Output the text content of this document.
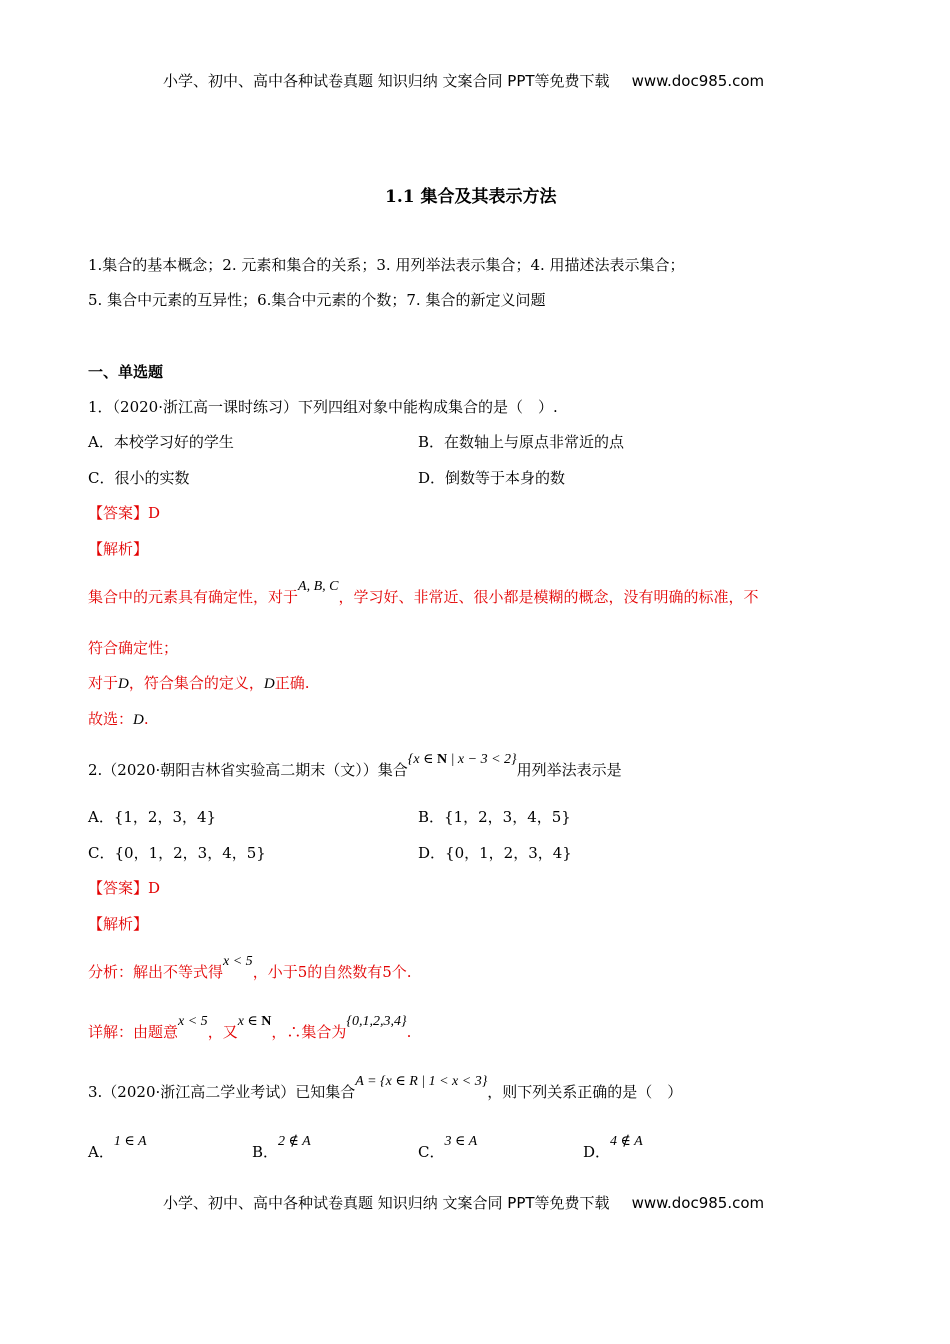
小学、初中、高中各种试卷真题 知识归纳 文案合同 PPT等免费下载 www.doc985.com
1.1 集合及其表示方法
1.集合的基本概念；2. 元素和集合的关系；3. 用列举法表示集合；4. 用描述法表示集合；
5. 集合中元素的互异性；6.集合中元素的个数；7. 集合的新定义问题
一、单选题
1．（2020·浙江高一课时练习）下列四组对象中能构成集合的是（　）.
A．本校学习好的学生	B．在数轴上与原点非常近的点
C．很小的实数	D．倒数等于本身的数
【答案】D
【解析】
集合中的元素具有确定性，对于A, B, C，学习好、非常近、很小都是模糊的概念，没有明确的标准，不
符合确定性；
对于D，符合集合的定义，D正确.
故选：D.
2.（2020·朝阳吉林省实验高二期末（文））集合{x ∈ N | x − 3 < 2}用列举法表示是
A．{1，2，3，4}	B．{1，2，3，4，5}
C．{0，1，2，3，4，5}	D．{0，1，2，3，4}
【答案】D
【解析】
分析：解出不等式得x < 5，小于5的自然数有5个.
详解：由题意x < 5，又x ∈ N，∴集合为{0,1,2,3,4}.
3.（2020·浙江高二学业考试）已知集合A = {x ∈ R | 1 < x < 3}，则下列关系正确的是（　）
A．1 ∈ A
B．2 ∉ A
C．3 ∈ A
D．4 ∉ A
小学、初中、高中各种试卷真题 知识归纳 文案合同 PPT等免费下载 www.doc985.com
